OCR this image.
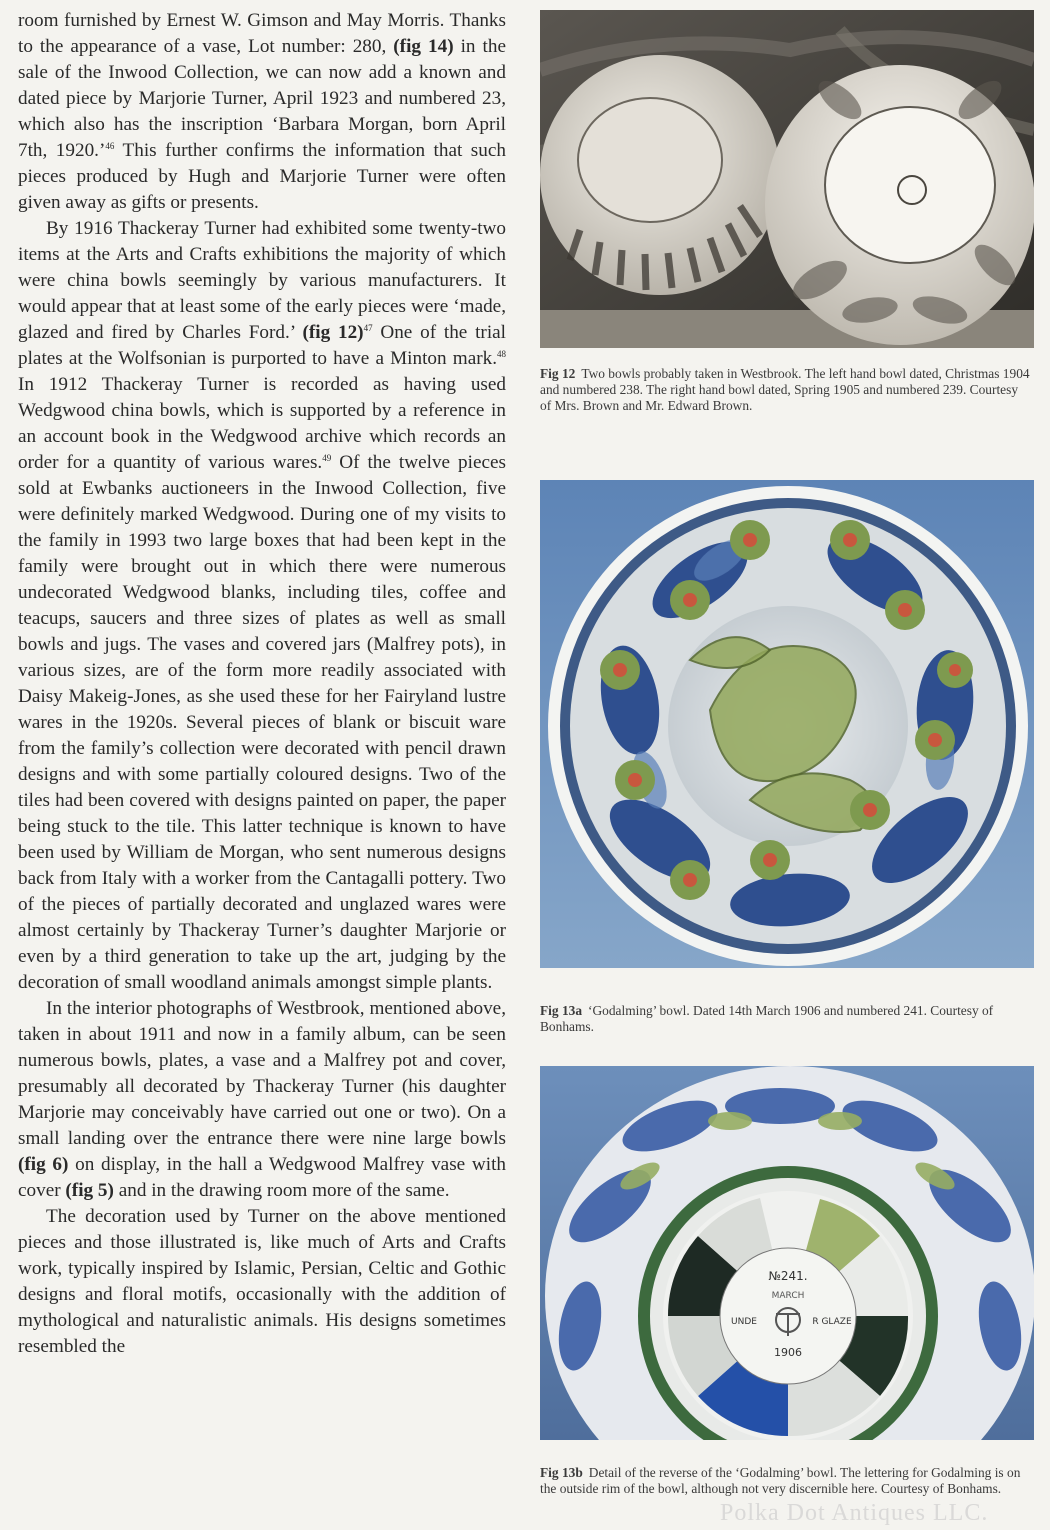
room furnished by Ernest W. Gimson and May Morris. Thanks to the appearance of a vase, Lot number: 280, (fig 14) in the sale of the Inwood Collection, we can now add a known and dated piece by Marjorie Turner, April 1923 and numbered 23, which also has the inscription ‘Barbara Morgan, born April 7th, 1920.’$^{46}$ This further confirms the information that such pieces produced by Hugh and Marjorie Turner were often given away as gifts or presents.

By 1916 Thackeray Turner had exhibited some twenty-two items at the Arts and Crafts exhibitions the majority of which were china bowls seemingly by various manufacturers. It would appear that at least some of the early pieces were ‘made, glazed and fired by Charles Ford.’ (fig 12)$^{47}$ One of the trial plates at the Wolfsonian is purported to have a Minton mark.$^{48}$ In 1912 Thackeray Turner is recorded as having used Wedgwood china bowls, which is supported by a reference in an account book in the Wedgwood archive which records an order for a quantity of various wares.$^{49}$ Of the twelve pieces sold at Ewbanks auctioneers in the Inwood Collection, five were definitely marked Wedgwood. During one of my visits to the family in 1993 two large boxes that had been kept in the family were brought out in which there were numerous undecorated Wedgwood blanks, including tiles, coffee and teacups, saucers and three sizes of plates as well as small bowls and jugs. The vases and covered jars (Malfrey pots), in various sizes, are of the form more readily associated with Daisy Makeig-Jones, as she used these for her Fairyland lustre wares in the 1920s. Several pieces of blank or biscuit ware from the family’s collection were decorated with pencil drawn designs and with some partially coloured designs. Two of the tiles had been covered with designs painted on paper, the paper being stuck to the tile. This latter technique is known to have been used by William de Morgan, who sent numerous designs back from Italy with a worker from the Cantagalli pottery. Two of the pieces of partially decorated and unglazed wares were almost certainly by Thackeray Turner’s daughter Marjorie or even by a third generation to take up the art, judging by the decoration of small woodland animals amongst simple plants.

In the interior photographs of Westbrook, mentioned above, taken in about 1911 and now in a family album, can be seen numerous bowls, plates, a vase and a Malfrey pot and cover, presumably all decorated by Thackeray Turner (his daughter Marjorie may conceivably have carried out one or two). On a small landing over the entrance there were nine large bowls (fig 6) on display, in the hall a Wedgwood Malfrey vase with cover (fig 5) and in the drawing room more of the same.

The decoration used by Turner on the above mentioned pieces and those illustrated is, like much of Arts and Crafts work, typically inspired by Islamic, Persian, Celtic and Gothic designs and floral motifs, occasionally with the addition of mythological and naturalistic animals. His designs sometimes resembled the

Fig 12 Two bowls probably taken in Westbrook. The left hand bowl dated, Christmas 1904 and numbered 238. The right hand bowl dated, Spring 1905 and numbered 239. Courtesy of Mrs. Brown and Mr. Edward Brown.
Fig 13a ‘Godalming’ bowl. Dated 14th March 1906 and numbered 241. Courtesy of Bonhams.
№241.
MARCH
UNDE	R GLAZE
1906
Fig 13b Detail of the reverse of the ‘Godalming’ bowl. The lettering for Godalming is on the outside rim of the bowl, although not very discernible here. Courtesy of Bonhams.
Polka Dot Antiques LLC.
